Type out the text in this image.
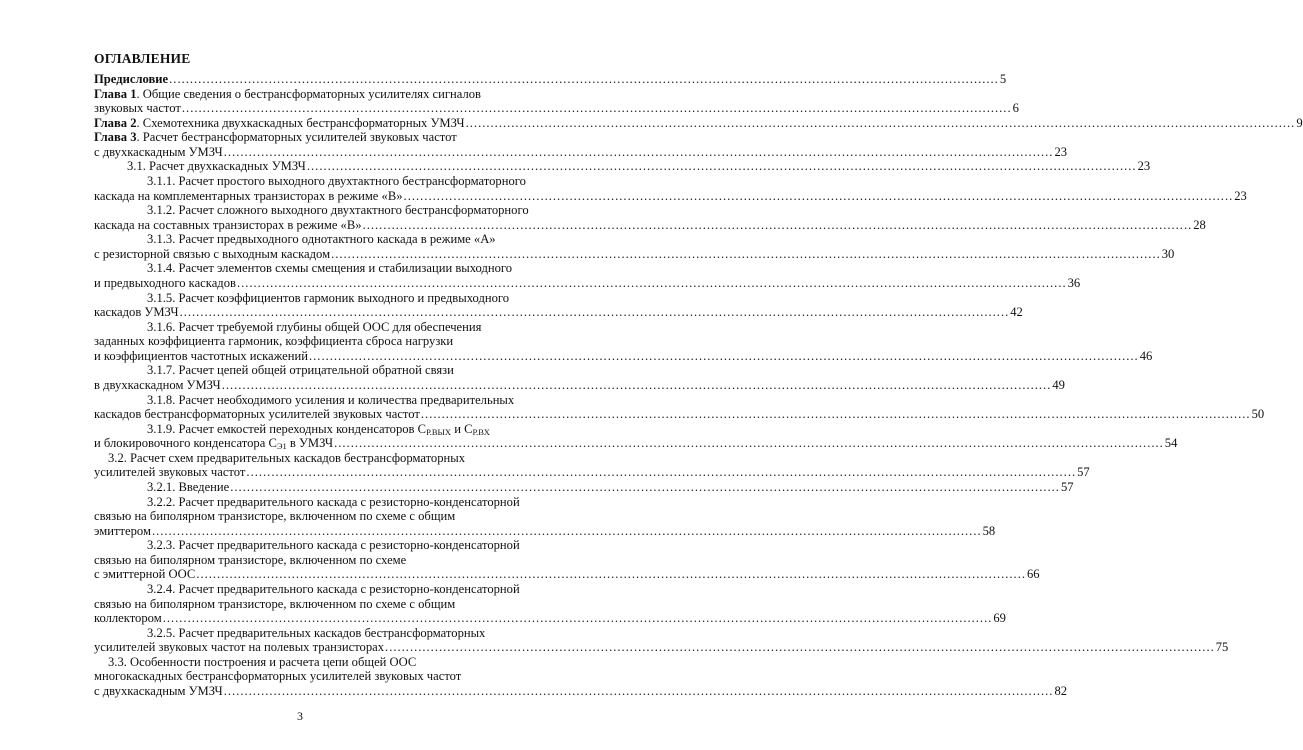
ОГЛАВЛЕНИЕ
Предисловие ........................................................................................................................................................................................................ 5
Глава 1. Общие сведения о бестрансформаторных усилителях сигналов
звуковых частот ........................................................................................................................................................................................................ 6
Глава 2. Схемотехника двухкаскадных бестрансформаторных УМЗЧ ........................................................................................................................................................................................................ 9
Глава 3. Расчет бестрансформаторных усилителей звуковых частот
с двухкаскадным УМЗЧ ........................................................................................................................................................................................................ 23
3.1. Расчет двухкаскадных УМЗЧ ........................................................................................................................................................................................................ 23
3.1.1. Расчет простого выходного двухтактного бестрансформаторного
каскада на комплементарных транзисторах в режиме «В» ........................................................................................................................................................................................................ 23
3.1.2. Расчет сложного выходного двухтактного бестрансформаторного
каскада на составных транзисторах в режиме «В» ........................................................................................................................................................................................................ 28
3.1.3. Расчет предвыходного однотактного каскада в режиме «А»
с резисторной связью с выходным каскадом ........................................................................................................................................................................................................ 30
3.1.4. Расчет элементов схемы смещения и стабилизации выходного
и предвыходного каскадов ........................................................................................................................................................................................................ 36
3.1.5. Расчет коэффициентов гармоник выходного и предвыходного
каскадов УМЗЧ ........................................................................................................................................................................................................ 42
3.1.6. Расчет требуемой глубины общей ООС для обеспечения
заданных коэффициента гармоник, коэффициента сброса нагрузки
и коэффициентов частотных искажений ........................................................................................................................................................................................................ 46
3.1.7. Расчет цепей общей отрицательной обратной связи
в двухкаскадном УМЗЧ ........................................................................................................................................................................................................ 49
3.1.8. Расчет необходимого усиления и количества предварительных
каскадов бестрансформаторных усилителей звуковых частот ........................................................................................................................................................................................................ 50
3.1.9. Расчет емкостей переходных конденсаторов $C_{Р.ВЫХ}$ и $C_{Р.ВХ}$
и блокировочного конденсатора $C_{Э1}$ в УМЗЧ ........................................................................................................................................................................................................ 54
3.2. Расчет схем предварительных каскадов бестрансформаторных
усилителей звуковых частот ........................................................................................................................................................................................................ 57
3.2.1. Введение ........................................................................................................................................................................................................ 57
3.2.2. Расчет предварительного каскада с резисторно-конденсаторной
связью на биполярном транзисторе, включенном по схеме с общим
эмиттером ........................................................................................................................................................................................................ 58
3.2.3. Расчет предварительного каскада с резисторно-конденсаторной
связью на биполярном транзисторе, включенном по схеме
с эмиттерной ООС ........................................................................................................................................................................................................ 66
3.2.4. Расчет предварительного каскада с резисторно-конденсаторной
связью на биполярном транзисторе, включенном по схеме с общим
коллектором ........................................................................................................................................................................................................ 69
3.2.5. Расчет предварительных каскадов бестрансформаторных
усилителей звуковых частот на полевых транзисторах ........................................................................................................................................................................................................ 75
3.3. Особенности построения и расчета цепи общей ООС
многокаскадных бестрансформаторных усилителей звуковых частот
с двухкаскадным УМЗЧ ........................................................................................................................................................................................................ 82
3
